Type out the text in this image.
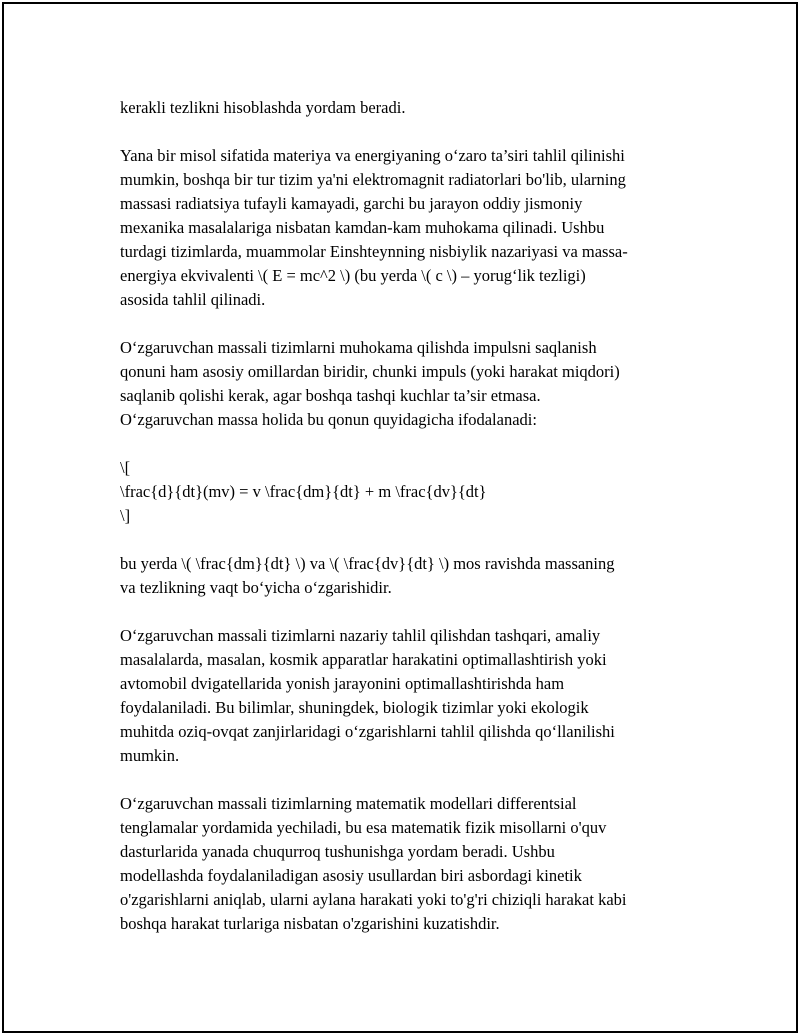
kerakli tezlikni hisoblashda yordam beradi.

Yana bir misol sifatida materiya va energiyaning o‘zaro ta’siri tahlil qilinishi
mumkin, boshqa bir tur tizim ya'ni elektromagnit radiatorlari bo'lib, ularning
massasi radiatsiya tufayli kamayadi, garchi bu jarayon oddiy jismoniy
mexanika masalalariga nisbatan kamdan-kam muhokama qilinadi. Ushbu
turdagi tizimlarda, muammolar Einshteynning nisbiylik nazariyasi va massa-
energiya ekvivalenti \( E = mc^2 \) (bu yerda \( c \) – yorug‘lik tezligi)
asosida tahlil qilinadi.

O‘zgaruvchan massali tizimlarni muhokama qilishda impulsni saqlanish
qonuni ham asosiy omillardan biridir, chunki impuls (yoki harakat miqdori)
saqlanib qolishi kerak, agar boshqa tashqi kuchlar ta’sir etmasa.
O‘zgaruvchan massa holida bu qonun quyidagicha ifodalanadi:

\[
\frac{d}{dt}(mv) = v \frac{dm}{dt} + m \frac{dv}{dt}
\]

bu yerda \( \frac{dm}{dt} \) va \( \frac{dv}{dt} \) mos ravishda massaning
va tezlikning vaqt bo‘yicha o‘zgarishidir.

O‘zgaruvchan massali tizimlarni nazariy tahlil qilishdan tashqari, amaliy
masalalarda, masalan, kosmik apparatlar harakatini optimallashtirish yoki
avtomobil dvigatellarida yonish jarayonini optimallashtirishda ham
foydalaniladi. Bu bilimlar, shuningdek, biologik tizimlar yoki ekologik
muhitda oziq-ovqat zanjirlaridagi o‘zgarishlarni tahlil qilishda qo‘llanilishi
mumkin.

O‘zgaruvchan massali tizimlarning matematik modellari differentsial
tenglamalar yordamida yechiladi, bu esa matematik fizik misollarni o'quv
dasturlarida yanada chuqurroq tushunishga yordam beradi. Ushbu
modellashda foydalaniladigan asosiy usullardan biri asbordagi kinetik
o'zgarishlarni aniqlab, ularni aylana harakati yoki to'g'ri chiziqli harakat kabi
boshqa harakat turlariga nisbatan o'zgarishini kuzatishdir.
